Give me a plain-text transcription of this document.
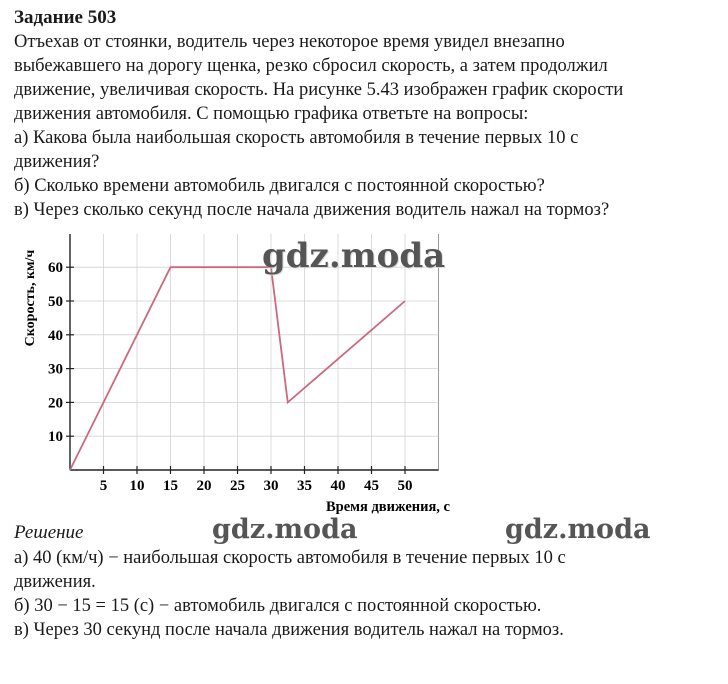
Задание 503

Отъехав от стоянки, водитель через некоторое время увидел внезапно

выбежавшего на дорогу щенка, резко сбросил скорость, а затем продолжил

движение, увеличивая скорость. На рисунке 5.43 изображен график скорости

движения автомобиля. С помощью графика ответьте на вопросы:

а) Какова была наибольшая скорость автомобиля в течение первых 10 с

движения?

б) Сколько времени автомобиль двигался с постоянной скоростью?

в) Через сколько секунд после начала движения водитель нажал на тормоз?

5 10 15 20 25 30 35 40 45 50
10
20
30
40
50
60
Скорость, км/ч
Время движения, с
gdz.moda

Решение

а) 40 (км/ч) − наибольшая скорость автомобиля в течение первых 10 с

движения.

б) 30 − 15 = 15 (с) − автомобиль двигался с постоянной скоростью.

в) Через 30 секунд после начала движения водитель нажал на тормоз.

gdz.moda	gdz.moda
